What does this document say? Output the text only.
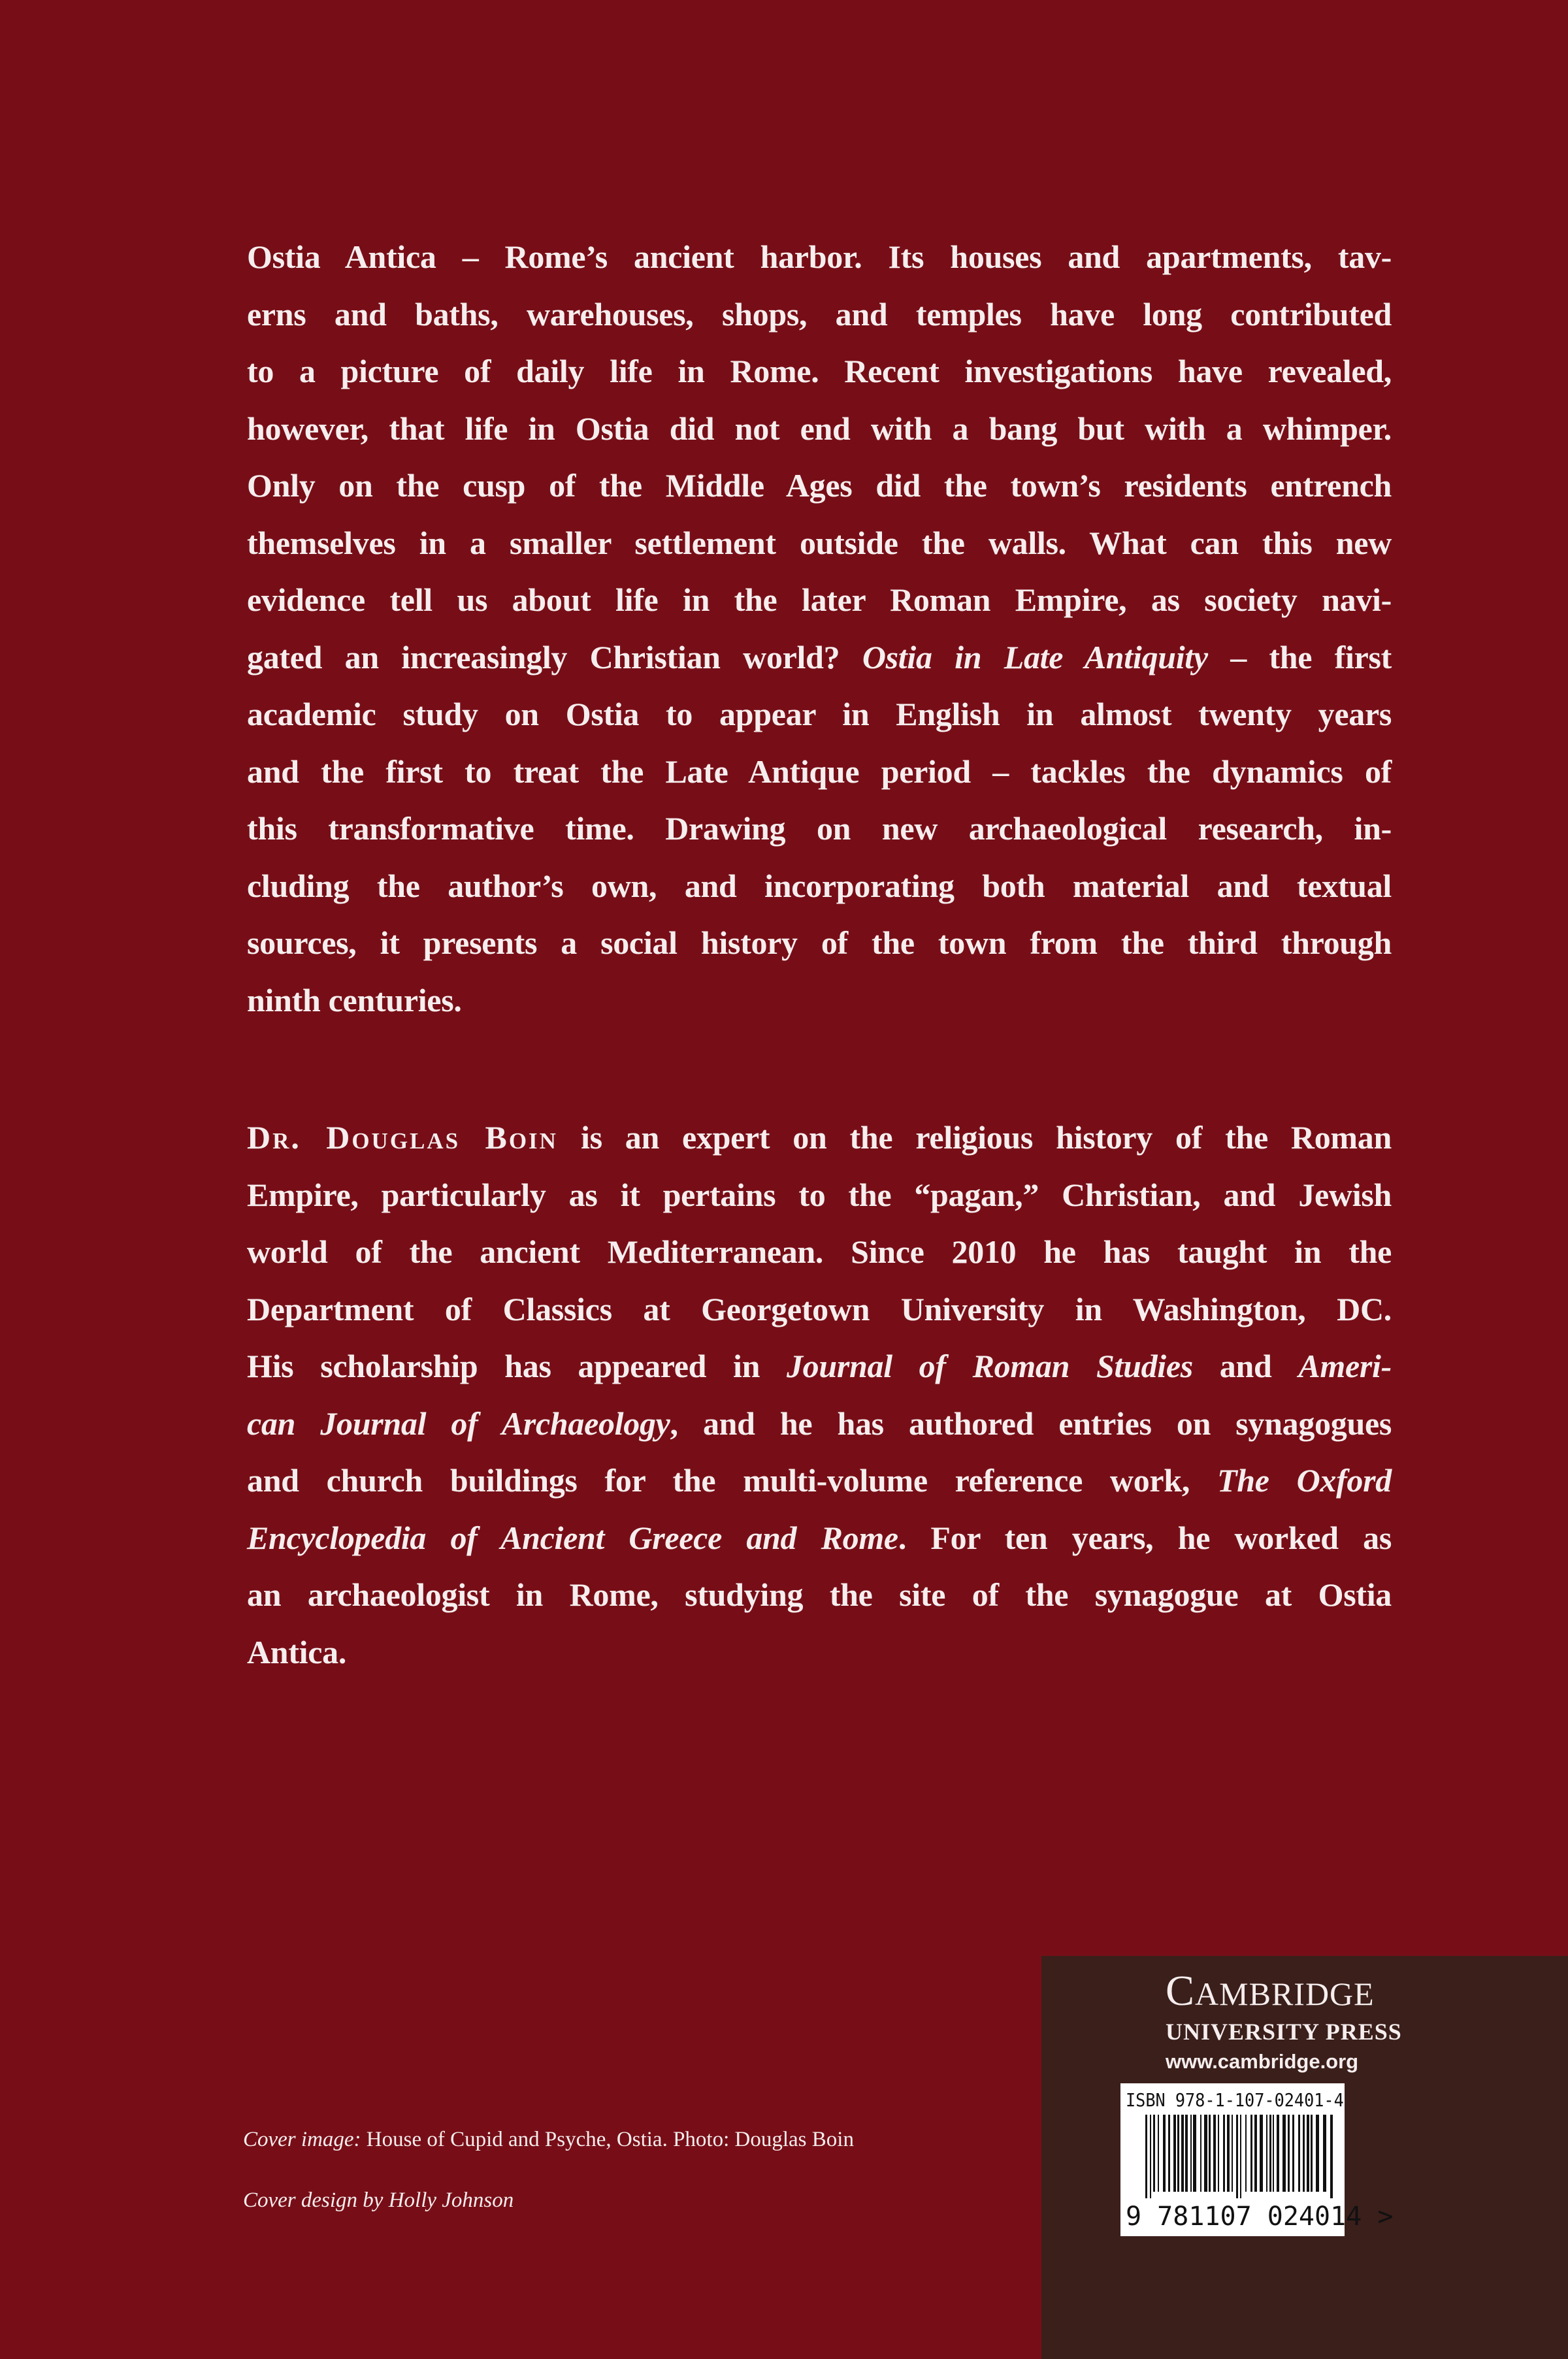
Ostia Antica – Rome’s ancient harbor. Its houses and apartments, tav-
erns and baths, warehouses, shops, and temples have long contributed
to a picture of daily life in Rome. Recent investigations have revealed,
however, that life in Ostia did not end with a bang but with a whimper.
Only on the cusp of the Middle Ages did the town’s residents entrench
themselves in a smaller settlement outside the walls. What can this new
evidence tell us about life in the later Roman Empire, as society navi-
gated an increasingly Christian world? Ostia in Late Antiquity – the first
academic study on Ostia to appear in English in almost twenty years
and the first to treat the Late Antique period – tackles the dynamics of
this transformative time. Drawing on new archaeological research, in-
cluding the author’s own, and incorporating both material and textual
sources, it presents a social history of the town from the third through
ninth centuries.
Dr. Douglas Boin is an expert on the religious history of the Roman
Empire, particularly as it pertains to the “pagan,” Christian, and Jewish
world of the ancient Mediterranean. Since 2010 he has taught in the
Department of Classics at Georgetown University in Washington, DC.
His scholarship has appeared in Journal of Roman Studies and Ameri-
can Journal of Archaeology, and he has authored entries on synagogues
and church buildings for the multi-volume reference work, The Oxford
Encyclopedia of Ancient Greece and Rome. For ten years, he worked as
an archaeologist in Rome, studying the site of the synagogue at Ostia
Antica.
Cover image: House of Cupid and Psyche, Ostia. Photo: Douglas Boin
Cover design by Holly Johnson
CAMBRIDGE
UNIVERSITY PRESS
www.cambridge.org
ISBN 978-1-107-02401-4
9 781107 024014 >
